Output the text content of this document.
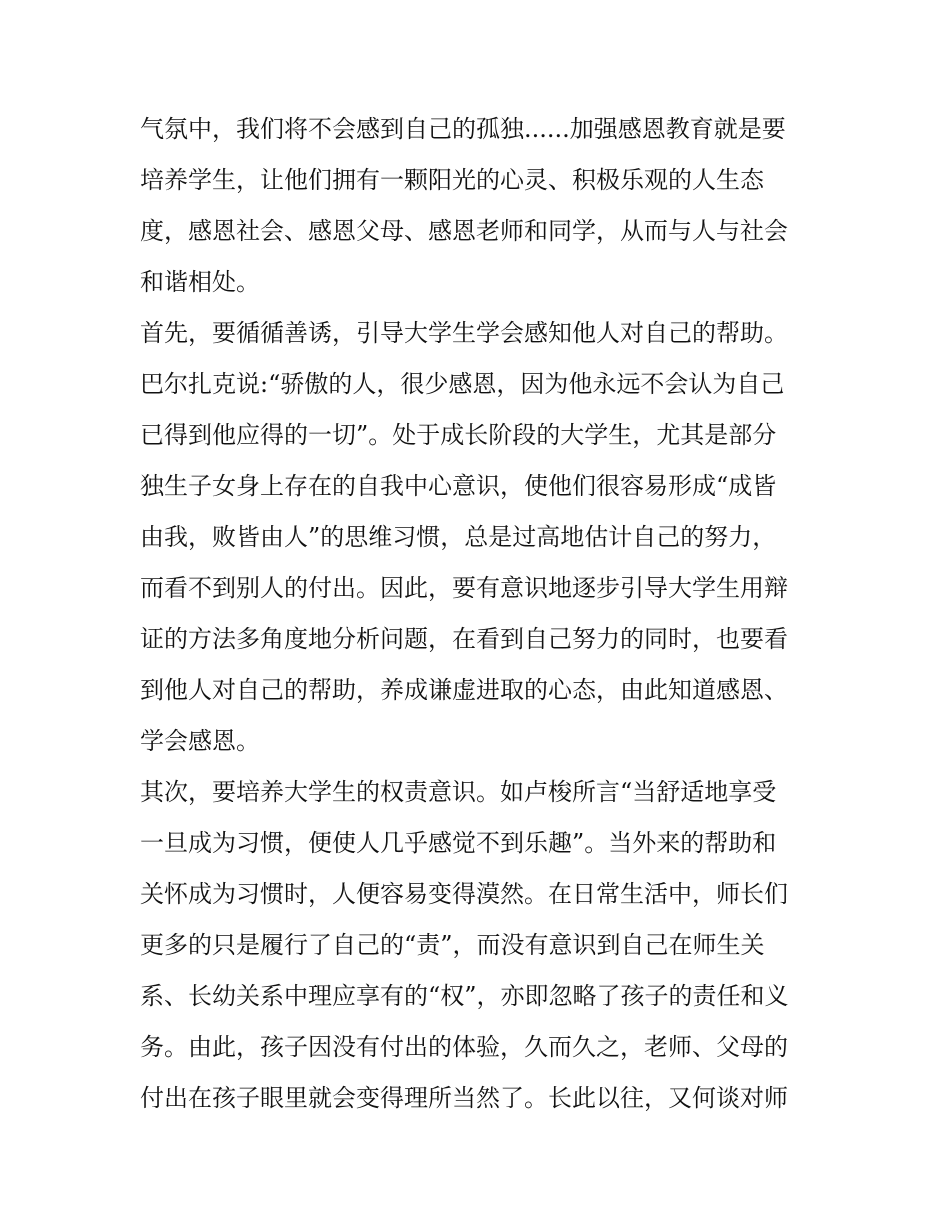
气氛中，我们将不会感到自己的孤独......加强感恩教育就是要
培养学生，让他们拥有一颗阳光的心灵、积极乐观的人生态
度，感恩社会、感恩父母、感恩老师和同学，从而与人与社会
和谐相处。
首先，要循循善诱，引导大学生学会感知他人对自己的帮助。
巴尔扎克说:“骄傲的人，很少感恩，因为他永远不会认为自己
已得到他应得的一切”。处于成长阶段的大学生，尤其是部分
独生子女身上存在的自我中心意识，使他们很容易形成“成皆
由我，败皆由人”的思维习惯，总是过高地估计自己的努力，
而看不到别人的付出。因此，要有意识地逐步引导大学生用辩
证的方法多角度地分析问题，在看到自己努力的同时，也要看
到他人对自己的帮助，养成谦虚进取的心态，由此知道感恩、
学会感恩。
其次，要培养大学生的权责意识。如卢梭所言“当舒适地享受
一旦成为习惯，便使人几乎感觉不到乐趣”。当外来的帮助和
关怀成为习惯时，人便容易变得漠然。在日常生活中，师长们
更多的只是履行了自己的“责”，而没有意识到自己在师生关
系、长幼关系中理应享有的“权”，亦即忽略了孩子的责任和义
务。由此，孩子因没有付出的体验，久而久之，老师、父母的
付出在孩子眼里就会变得理所当然了。长此以往，又何谈对师
